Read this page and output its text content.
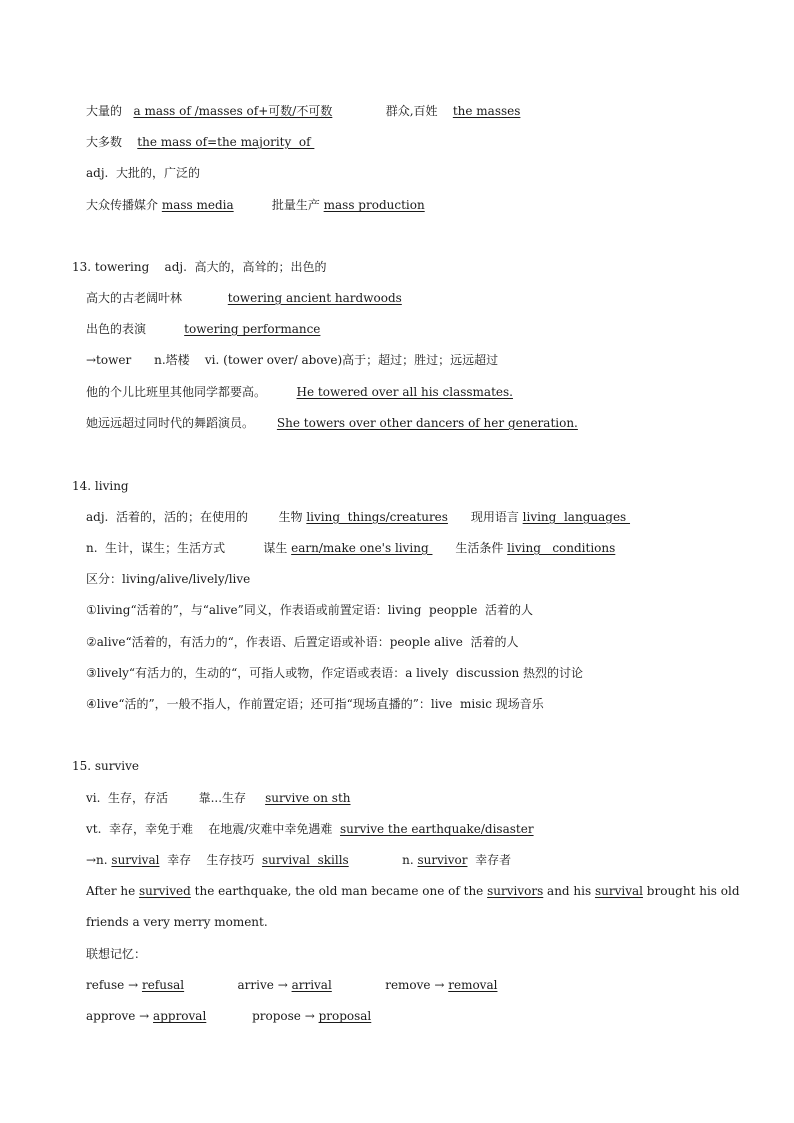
大量的 a mass of /masses of+可数/不可数	群众,百姓 the masses
大多数 the mass of=the majority  of
adj.  大批的，广泛的
大众传播媒介 mass media	批量生产 mass production
13. towering    adj.  高大的，高耸的；出色的
高大的古老阔叶林	towering ancient hardwoods
出色的表演	towering performance
→tower      n.塔楼    vi. (tower over/ above)高于；超过；胜过；远远超过
他的个儿比班里其他同学都要高。	He towered over all his classmates.
她远远超过同时代的舞蹈演员。 She towers over other dancers of her generation.
14. living
adj.  活着的，活的；在使用的        生物 living  things/creatures      现用语言 living  languages
n.  生计，谋生；生活方式          谋生 earn/make one's living       生活条件 living   conditions
区分：living/alive/lively/live
①living“活着的”，与“alive”同义，作表语或前置定语：living  peopple  活着的人
②alive“活着的，有活力的“，作表语、后置定语或补语：people alive  活着的人
③lively“有活力的，生动的“，可指人或物，作定语或表语：a lively  discussion 热烈的讨论
④live“活的”，一般不指人，作前置定语；还可指“现场直播的”：live  misic 现场音乐
15. survive
vi.  生存，存活        靠...生存     survive on sth
vt.  幸存，幸免于难    在地震/灾难中幸免遇难  survive the earthquake/disaster
→n. survival  幸存    生存技巧  survival  skills              n. survivor  幸存者
After he survived the earthquake, the old man became one of the survivors and his survival brought his old
friends a very merry moment.
联想记忆：
refuse → refusal              arrive → arrival              remove → removal
approve → approval            propose → proposal
